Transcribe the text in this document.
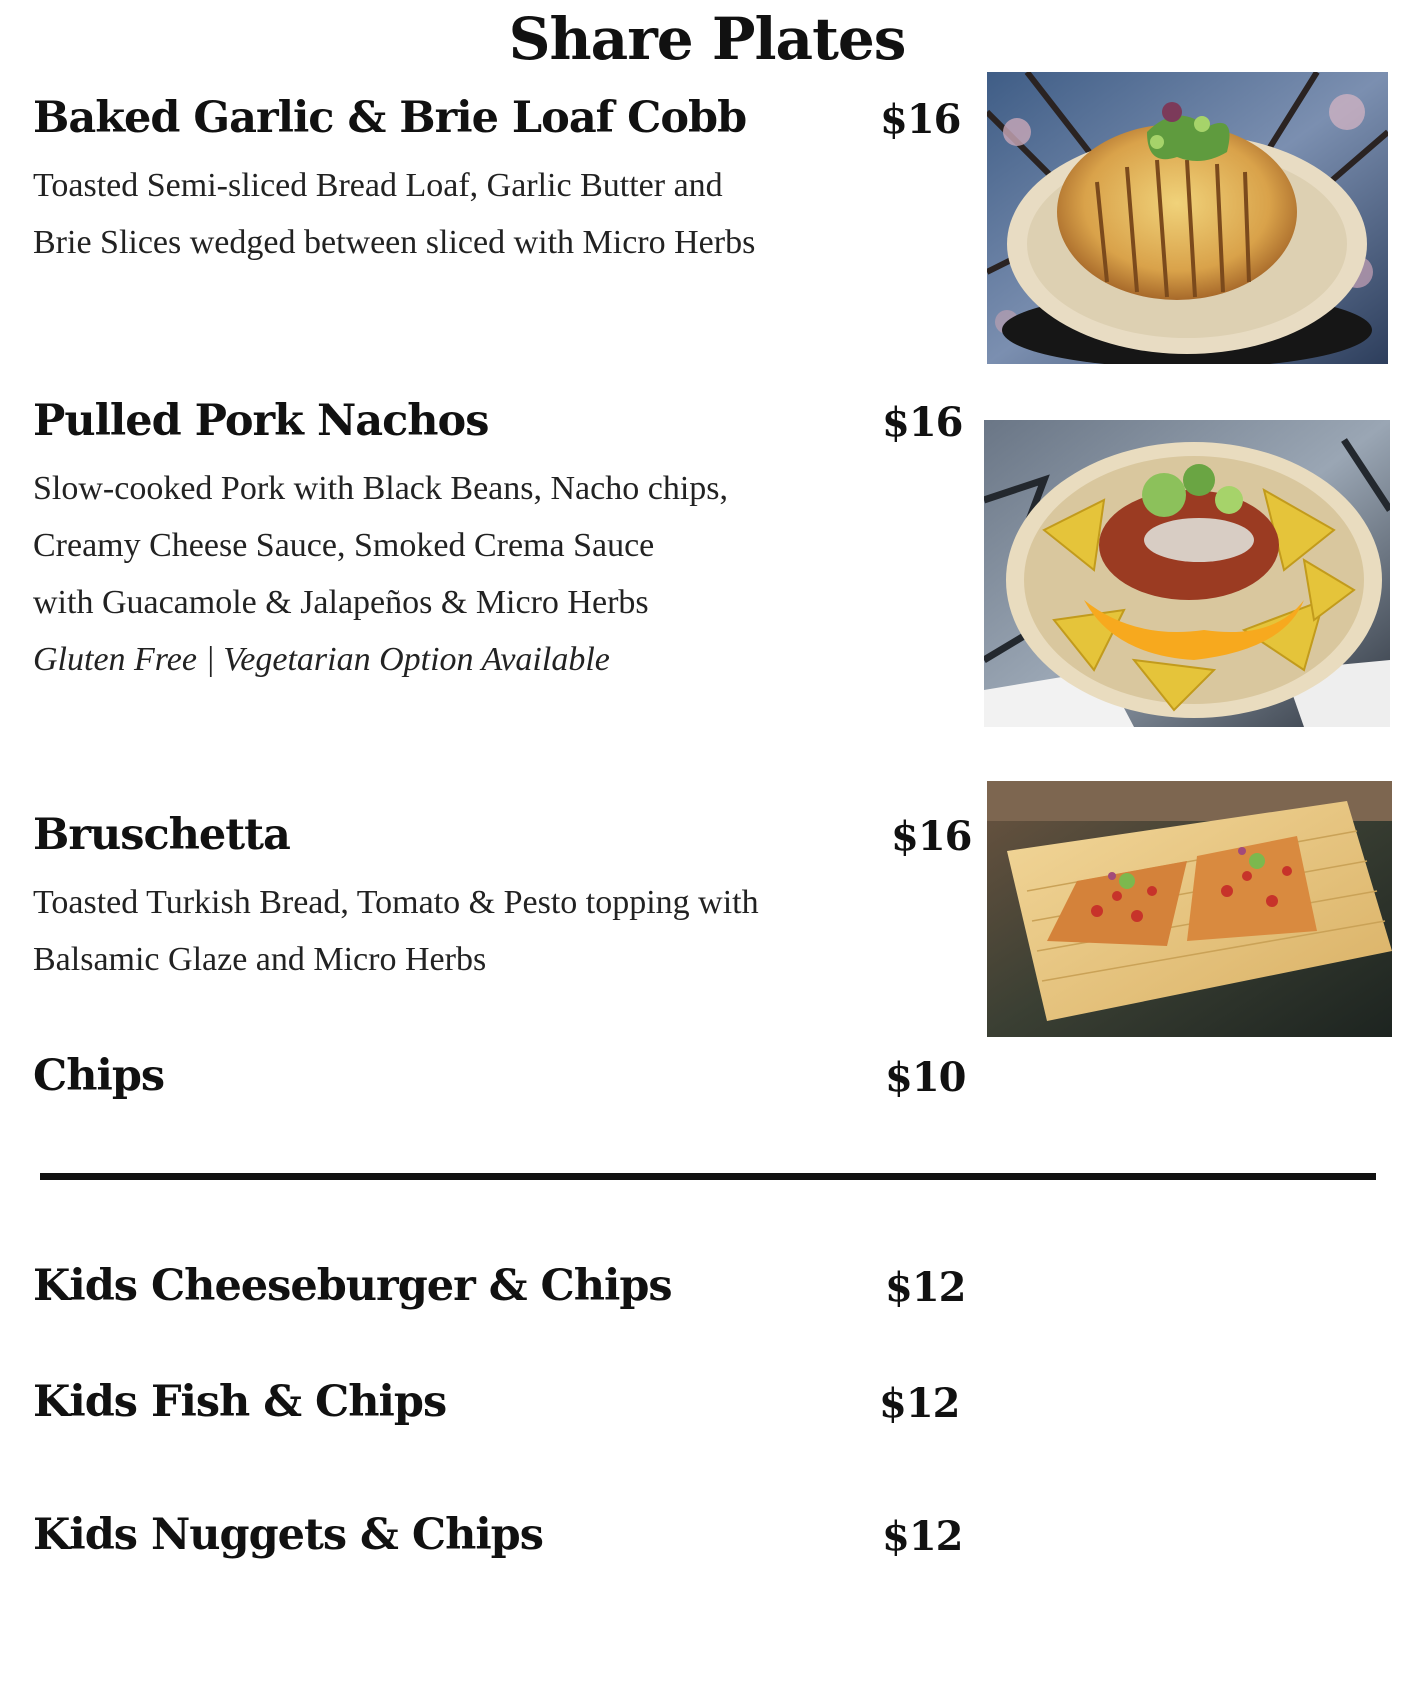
Share Plates
Baked Garlic & Brie Loaf Cobb	$16
Toasted Semi-sliced Bread Loaf, Garlic Butter and
Brie Slices wedged between sliced with Micro Herbs
Pulled Pork Nachos	$16
Slow-cooked Pork with Black Beans, Nacho chips,
Creamy Cheese Sauce, Smoked Crema Sauce
with Guacamole & Jalapeños & Micro Herbs
Gluten Free | Vegetarian Option Available
Bruschetta	$16
Toasted Turkish Bread, Tomato & Pesto topping with
Balsamic Glaze and Micro Herbs
Chips	$10
Kids Cheeseburger & Chips	$12
Kids Fish & Chips	$12
Kids Nuggets & Chips	$12
